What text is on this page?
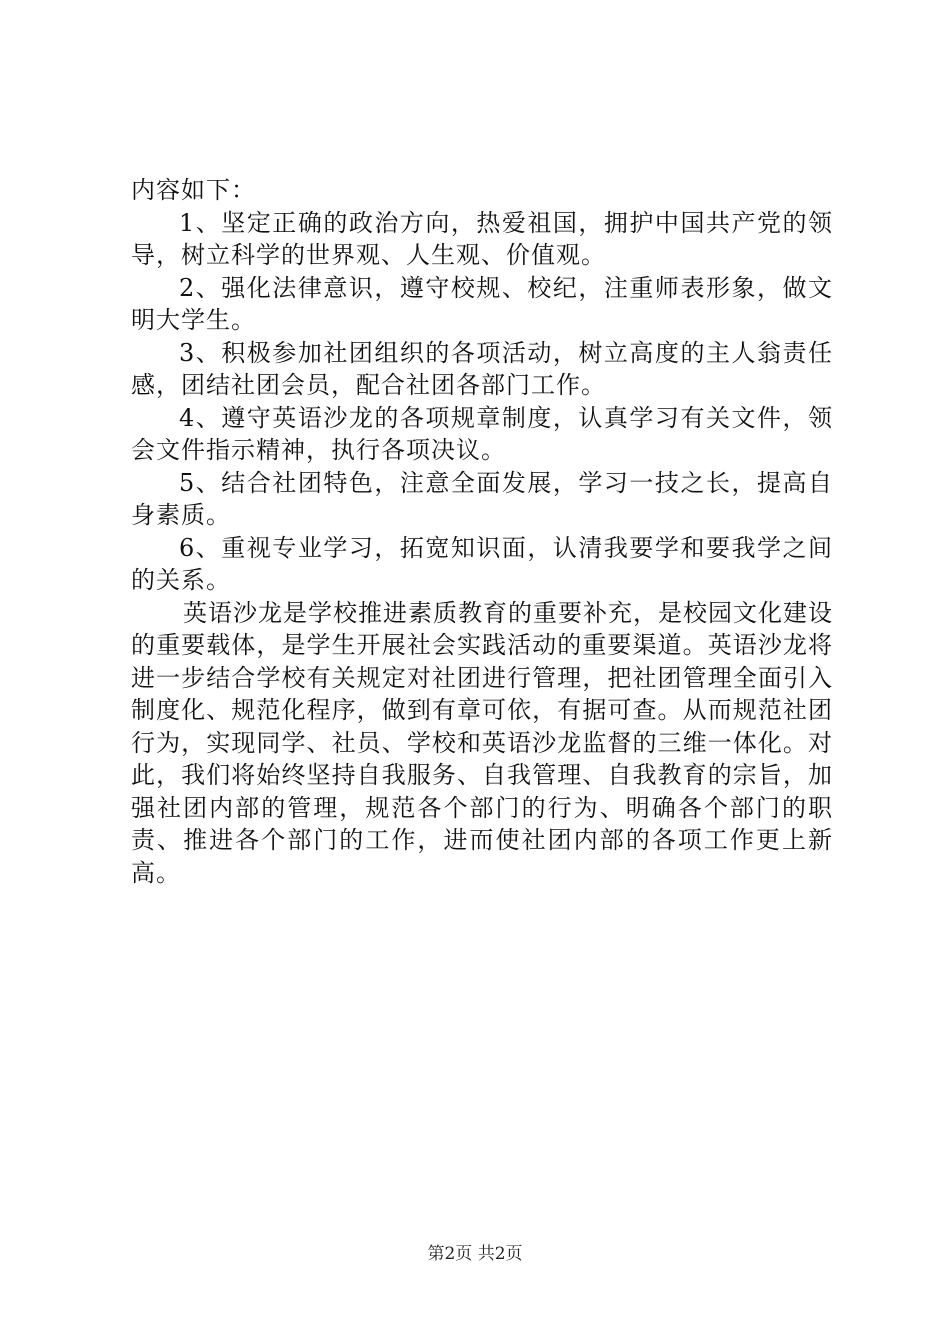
内容如下：

1、坚定正确的政治方向，热爱祖国，拥护中国共产党的领导，树立科学的世界观、人生观、价值观。

2、强化法律意识，遵守校规、校纪，注重师表形象，做文明大学生。

3、积极参加社团组织的各项活动，树立高度的主人翁责任感，团结社团会员，配合社团各部门工作。

4、遵守英语沙龙的各项规章制度，认真学习有关文件，领会文件指示精神，执行各项决议。

5、结合社团特色，注意全面发展，学习一技之长，提高自身素质。

6、重视专业学习，拓宽知识面，认清我要学和要我学之间的关系。

英语沙龙是学校推进素质教育的重要补充，是校园文化建设的重要载体，是学生开展社会实践活动的重要渠道。英语沙龙将进一步结合学校有关规定对社团进行管理，把社团管理全面引入制度化、规范化程序，做到有章可依，有据可查。从而规范社团行为，实现同学、社员、学校和英语沙龙监督的三维一体化。对此，我们将始终坚持自我服务、自我管理、自我教育的宗旨，加强社团内部的管理，规范各个部门的行为、明确各个部门的职责、推进各个部门的工作，进而使社团内部的各项工作更上新高。

第2页 共2页
